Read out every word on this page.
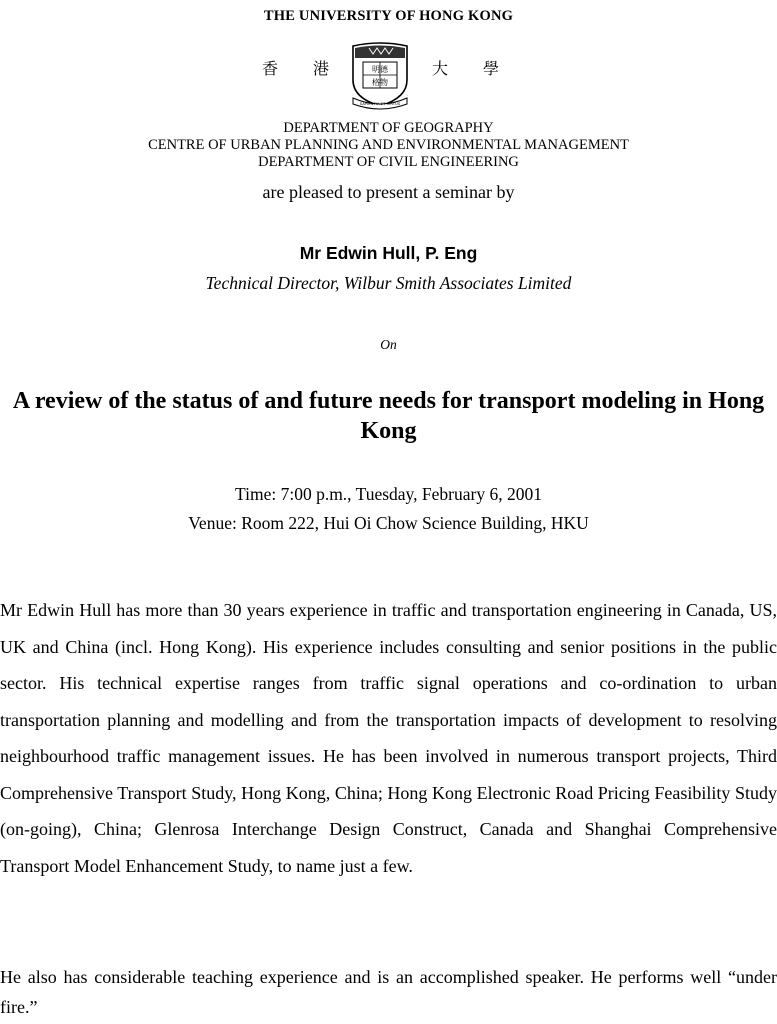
THE UNIVERSITY OF HONG KONG
香 港	明德
格物
SAPIENTIA ET VIRTUS
大 學
DEPARTMENT OF GEOGRAPHY
CENTRE OF URBAN PLANNING AND ENVIRONMENTAL MANAGEMENT
DEPARTMENT OF CIVIL ENGINEERING
are pleased to present a seminar by
Mr Edwin Hull, P. Eng
Technical Director, Wilbur Smith Associates Limited
On
A review of the status of and future needs for transport modeling in Hong Kong
Time: 7:00 p.m., Tuesday, February 6, 2001
Venue: Room 222, Hui Oi Chow Science Building, HKU
Mr Edwin Hull has more than 30 years experience in traffic and transportation engineering in Canada, US, UK and China (incl. Hong Kong). His experience includes consulting and senior positions in the public sector. His technical expertise ranges from traffic signal operations and co-ordination to urban transportation planning and modelling and from the transportation impacts of development to resolving neighbourhood traffic management issues. He has been involved in numerous transport projects, Third Comprehensive Transport Study, Hong Kong, China; Hong Kong Electronic Road Pricing Feasibility Study (on-going), China; Glenrosa Interchange Design Construct, Canada and Shanghai Comprehensive Transport Model Enhancement Study, to name just a few.
He also has considerable teaching experience and is an accomplished speaker. He performs well “under fire.”
